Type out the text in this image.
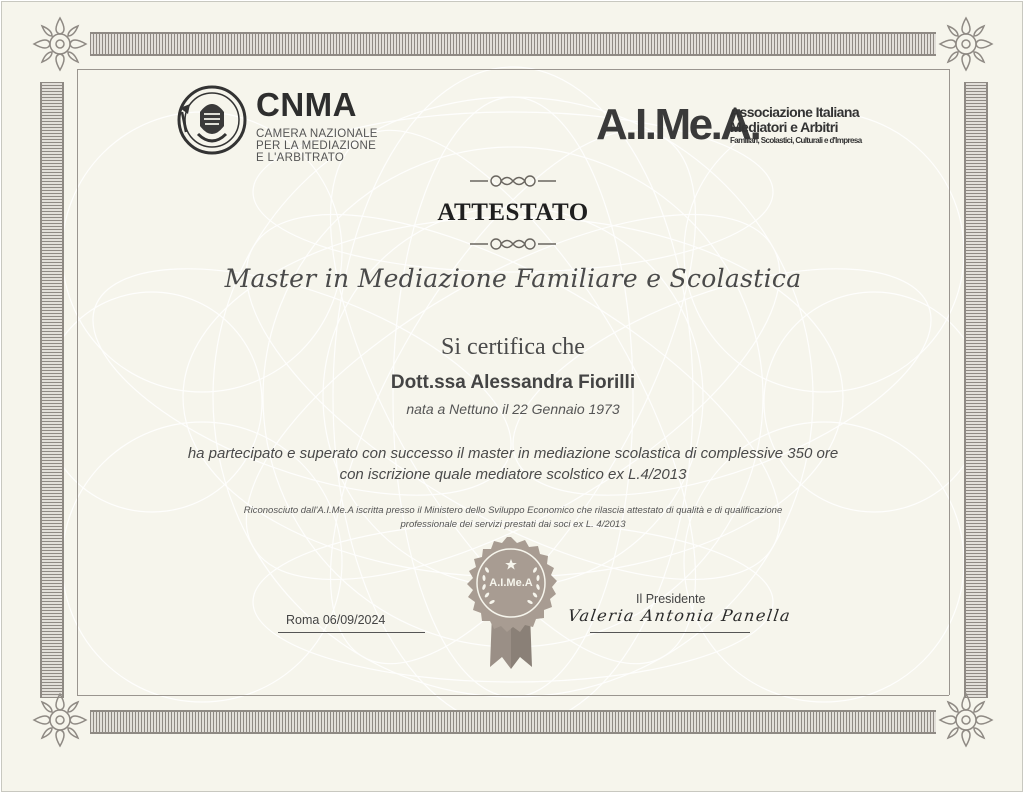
CNMA
CAMERA NAZIONALE
PER LA MEDIAZIONE
E L'ARBITRATO
A.I.Me.A.
Associazione Italiana
Mediatori e Arbitri
Familiari, Scolastici, Culturali e d'Impresa
ATTESTATO
Master in Mediazione Familiare e Scolastica
Si certifica che
Dott.ssa Alessandra Fiorilli
nata a Nettuno il 22 Gennaio 1973
ha partecipato e superato con successo il master in mediazione scolastica di complessive 350 ore
con iscrizione quale mediatore scolstico ex L.4/2013
Riconosciuto dall'A.I.Me.A iscritta presso il Ministero dello Sviluppo Economico che rilascia attestato di qualità e di qualificazione
professionale dei servizi prestati dai soci ex L. 4/2013
A.I.Me.A
Roma 06/09/2024
Il Presidente
Valeria Antonia Panella
